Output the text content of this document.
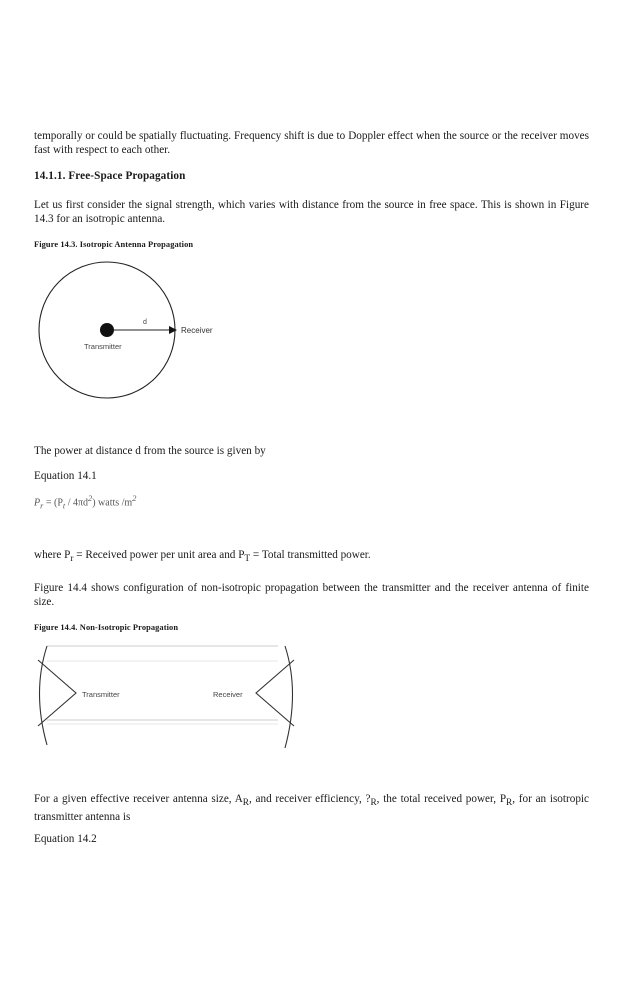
temporally or could be spatially fluctuating. Frequency shift is due to Doppler effect when the source or the receiver moves fast with respect to each other.

14.1.1. Free-Space Propagation

Let us first consider the signal strength, which varies with distance from the source in free space. This is shown in Figure 14.3 for an isotropic antenna.

Figure 14.3. Isotropic Antenna Propagation
d
Receiver
Transmitter

The power at distance d from the source is given by

Equation 14.1
$P_r = (P_t / 4\pi d^2)$ watts $/m^2$

where $P_r$ = Received power per unit area and $P_T$ = Total transmitted power.

Figure 14.4 shows configuration of non-isotropic propagation between the transmitter and the receiver antenna of finite size.

Figure 14.4. Non-Isotropic Propagation
Transmitter	Receiver

For a given effective receiver antenna size, $A_R$, and receiver efficiency, $?_R$, the total received power, $P_R$, for an isotropic transmitter antenna is

Equation 14.2
